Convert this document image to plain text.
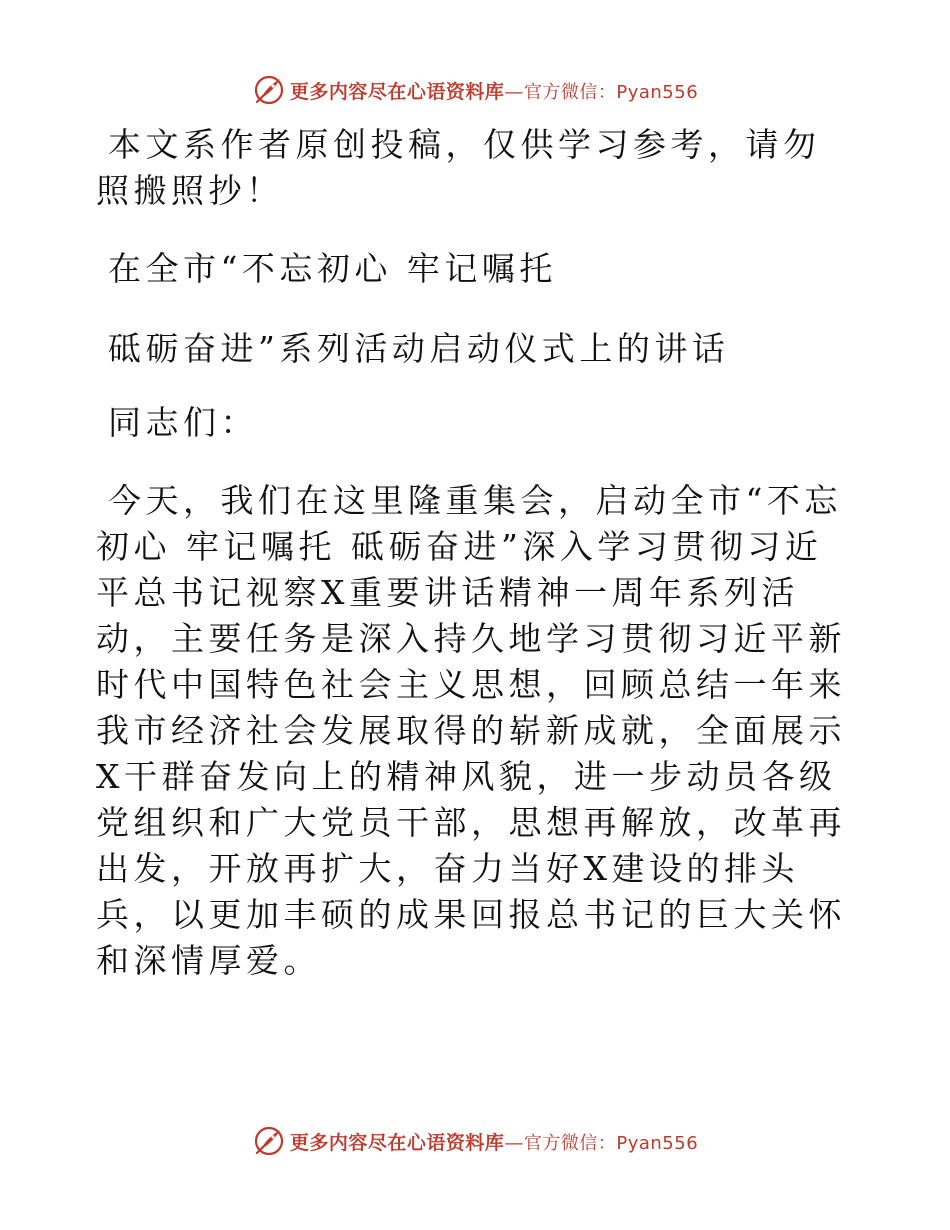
更多内容尽在心语资料库—官方微信：Pyan556

本文系作者原创投稿，仅供学习参考，请勿照搬照抄！

在全市“不忘初心 牢记嘱托

砥砺奋进”系列活动启动仪式上的讲话

同志们：

今天，我们在这里隆重集会，启动全市“不忘初心 牢记嘱托 砥砺奋进”深入学习贯彻习近平总书记视察X重要讲话精神一周年系列活动，主要任务是深入持久地学习贯彻习近平新时代中国特色社会主义思想，回顾总结一年来我市经济社会发展取得的崭新成就，全面展示X干群奋发向上的精神风貌，进一步动员各级党组织和广大党员干部，思想再解放，改革再出发，开放再扩大，奋力当好X建设的排头兵，以更加丰硕的成果回报总书记的巨大关怀和深情厚爱。

更多内容尽在心语资料库—官方微信：Pyan556
